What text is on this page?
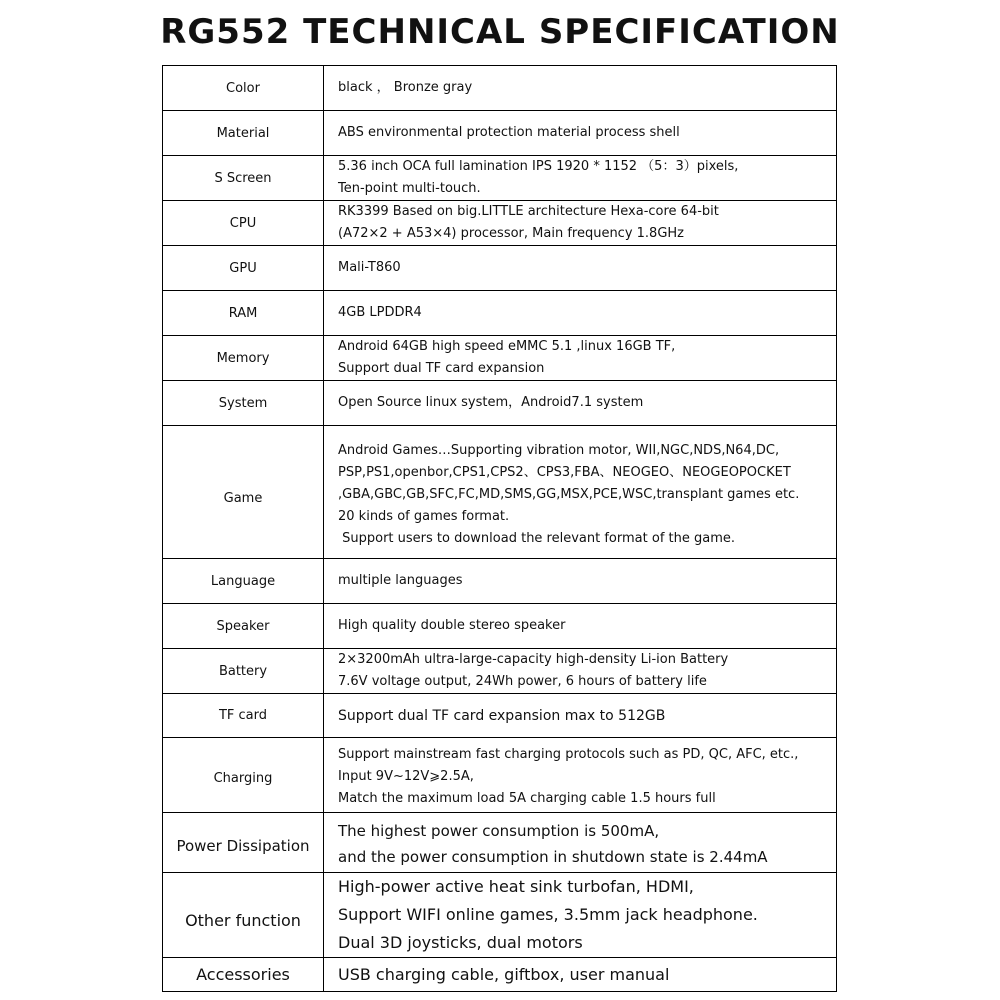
RG552 TECHNICAL SPECIFICATION
Color	black ， Bronze gray

Material	ABS environmental protection material process shell

S Screen	5.36 inch OCA full lamination IPS 1920 * 1152 （5：3）pixels,
Ten-point multi-touch.

CPU	RK3399 Based on big.LITTLE architecture Hexa-core 64-bit
(A72×2 + A53×4) processor, Main frequency 1.8GHz

GPU	Mali-T860

RAM	4GB LPDDR4

Memory	Android 64GB high speed eMMC 5.1 ,linux 16GB TF,
Support dual TF card expansion

System	Open Source linux system，Android7.1 system

Game	Android Games…Supporting vibration motor, WII,NGC,NDS,N64,DC,
PSP,PS1,openbor,CPS1,CPS2、CPS3,FBA、NEOGEO、NEOGEOPOCKET
,GBA,GBC,GB,SFC,FC,MD,SMS,GG,MSX,PCE,WSC,transplant games etc.
20 kinds of games format.
Support users to download the relevant format of the game.

Language	multiple languages

Speaker	High quality double stereo speaker

Battery	2×3200mAh ultra-large-capacity high-density Li-ion Battery
7.6V voltage output, 24Wh power, 6 hours of battery life

TF card	Support dual TF card expansion max to 512GB

Charging	Support mainstream fast charging protocols such as PD, QC, AFC, etc.,
Input 9V~12V⩾2.5A,
Match the maximum load 5A charging cable 1.5 hours full

Power Dissipation	The highest power consumption is 500mA,
and the power consumption in shutdown state is 2.44mA

Other function	High-power active heat sink turbofan, HDMI,
Support WIFI online games, 3.5mm jack headphone.
Dual 3D joysticks, dual motors

Accessories	USB charging cable, giftbox, user manual
